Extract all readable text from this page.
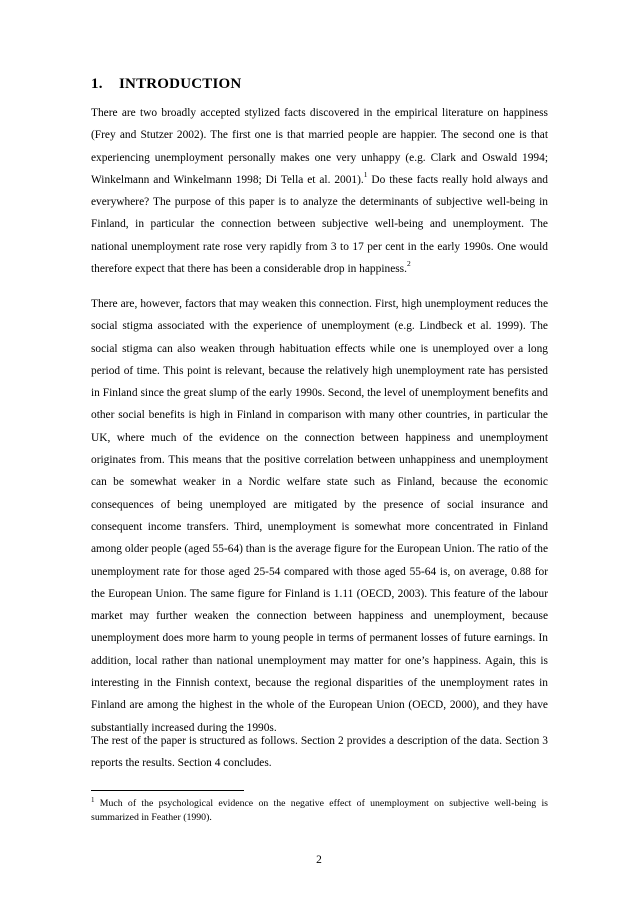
1. INTRODUCTION

There are two broadly accepted stylized facts discovered in the empirical literature on happiness (Frey and Stutzer 2002). The first one is that married people are happier. The second one is that experiencing unemployment personally makes one very unhappy (e.g. Clark and Oswald 1994; Winkelmann and Winkelmann 1998; Di Tella et al. 2001).$^1$ Do these facts really hold always and everywhere? The purpose of this paper is to analyze the determinants of subjective well-being in Finland, in particular the connection between subjective well-being and unemployment. The national unemployment rate rose very rapidly from 3 to 17 per cent in the early 1990s. One would therefore expect that there has been a considerable drop in happiness.$^2$

There are, however, factors that may weaken this connection. First, high unemployment reduces the social stigma associated with the experience of unemployment (e.g. Lindbeck et al. 1999). The social stigma can also weaken through habituation effects while one is unemployed over a long period of time. This point is relevant, because the relatively high unemployment rate has persisted in Finland since the great slump of the early 1990s. Second, the level of unemployment benefits and other social benefits is high in Finland in comparison with many other countries, in particular the UK, where much of the evidence on the connection between happiness and unemployment originates from. This means that the positive correlation between unhappiness and unemployment can be somewhat weaker in a Nordic welfare state such as Finland, because the economic consequences of being unemployed are mitigated by the presence of social insurance and consequent income transfers. Third, unemployment is somewhat more concentrated in Finland among older people (aged 55-64) than is the average figure for the European Union. The ratio of the unemployment rate for those aged 25-54 compared with those aged 55-64 is, on average, 0.88 for the European Union. The same figure for Finland is 1.11 (OECD, 2003). This feature of the labour market may further weaken the connection between happiness and unemployment, because unemployment does more harm to young people in terms of permanent losses of future earnings. In addition, local rather than national unemployment may matter for one’s happiness. Again, this is interesting in the Finnish context, because the regional disparities of the unemployment rates in Finland are among the highest in the whole of the European Union (OECD, 2000), and they have substantially increased during the 1990s.

The rest of the paper is structured as follows. Section 2 provides a description of the data. Section 3 reports the results. Section 4 concludes.

$^1$ Much of the psychological evidence on the negative effect of unemployment on subjective well-being is summarized in Feather (1990).

2
